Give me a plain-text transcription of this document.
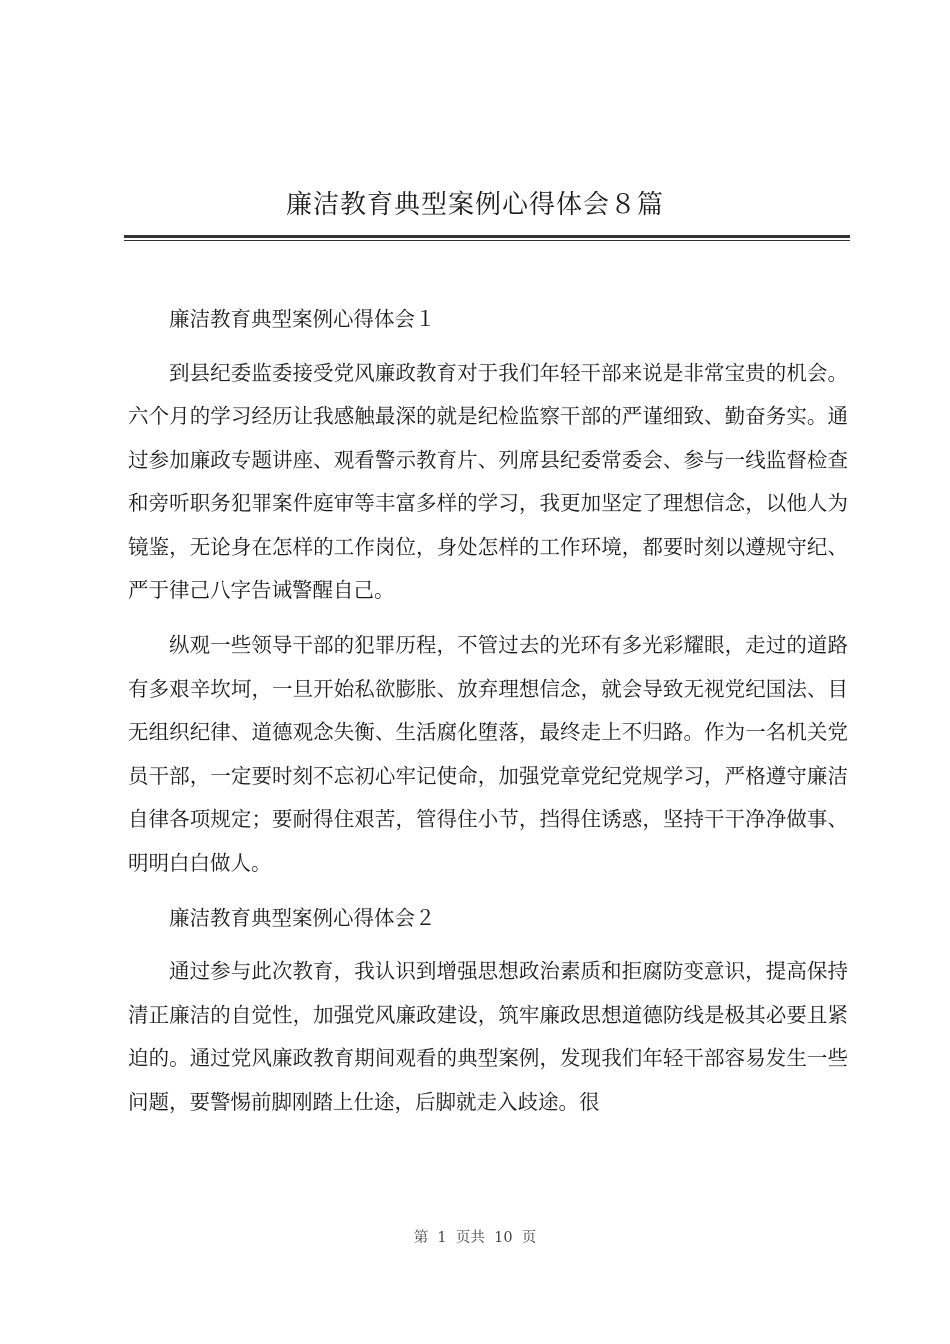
廉洁教育典型案例心得体会８篇

廉洁教育典型案例心得体会１

到县纪委监委接受党风廉政教育对于我们年轻干部来说是非常宝贵的机会。六个月的学习经历让我感触最深的就是纪检监察干部的严谨细致、勤奋务实。通过参加廉政专题讲座、观看警示教育片、列席县纪委常委会、参与一线监督检查和旁听职务犯罪案件庭审等丰富多样的学习，我更加坚定了理想信念，以他人为镜鉴，无论身在怎样的工作岗位，身处怎样的工作环境，都要时刻以遵规守纪、严于律己八字告诫警醒自己。

纵观一些领导干部的犯罪历程，不管过去的光环有多光彩耀眼，走过的道路有多艰辛坎坷，一旦开始私欲膨胀、放弃理想信念，就会导致无视党纪国法、目无组织纪律、道德观念失衡、生活腐化堕落，最终走上不归路。作为一名机关党员干部，一定要时刻不忘初心牢记使命，加强党章党纪党规学习，严格遵守廉洁自律各项规定；要耐得住艰苦，管得住小节，挡得住诱惑，坚持干干净净做事、明明白白做人。

廉洁教育典型案例心得体会２

通过参与此次教育，我认识到增强思想政治素质和拒腐防变意识，提高保持清正廉洁的自觉性，加强党风廉政建设，筑牢廉政思想道德防线是极其必要且紧迫的。通过党风廉政教育期间观看的典型案例，发现我们年轻干部容易发生一些问题，要警惕前脚刚踏上仕途，后脚就走入歧途。很

第  1  页共  10  页
